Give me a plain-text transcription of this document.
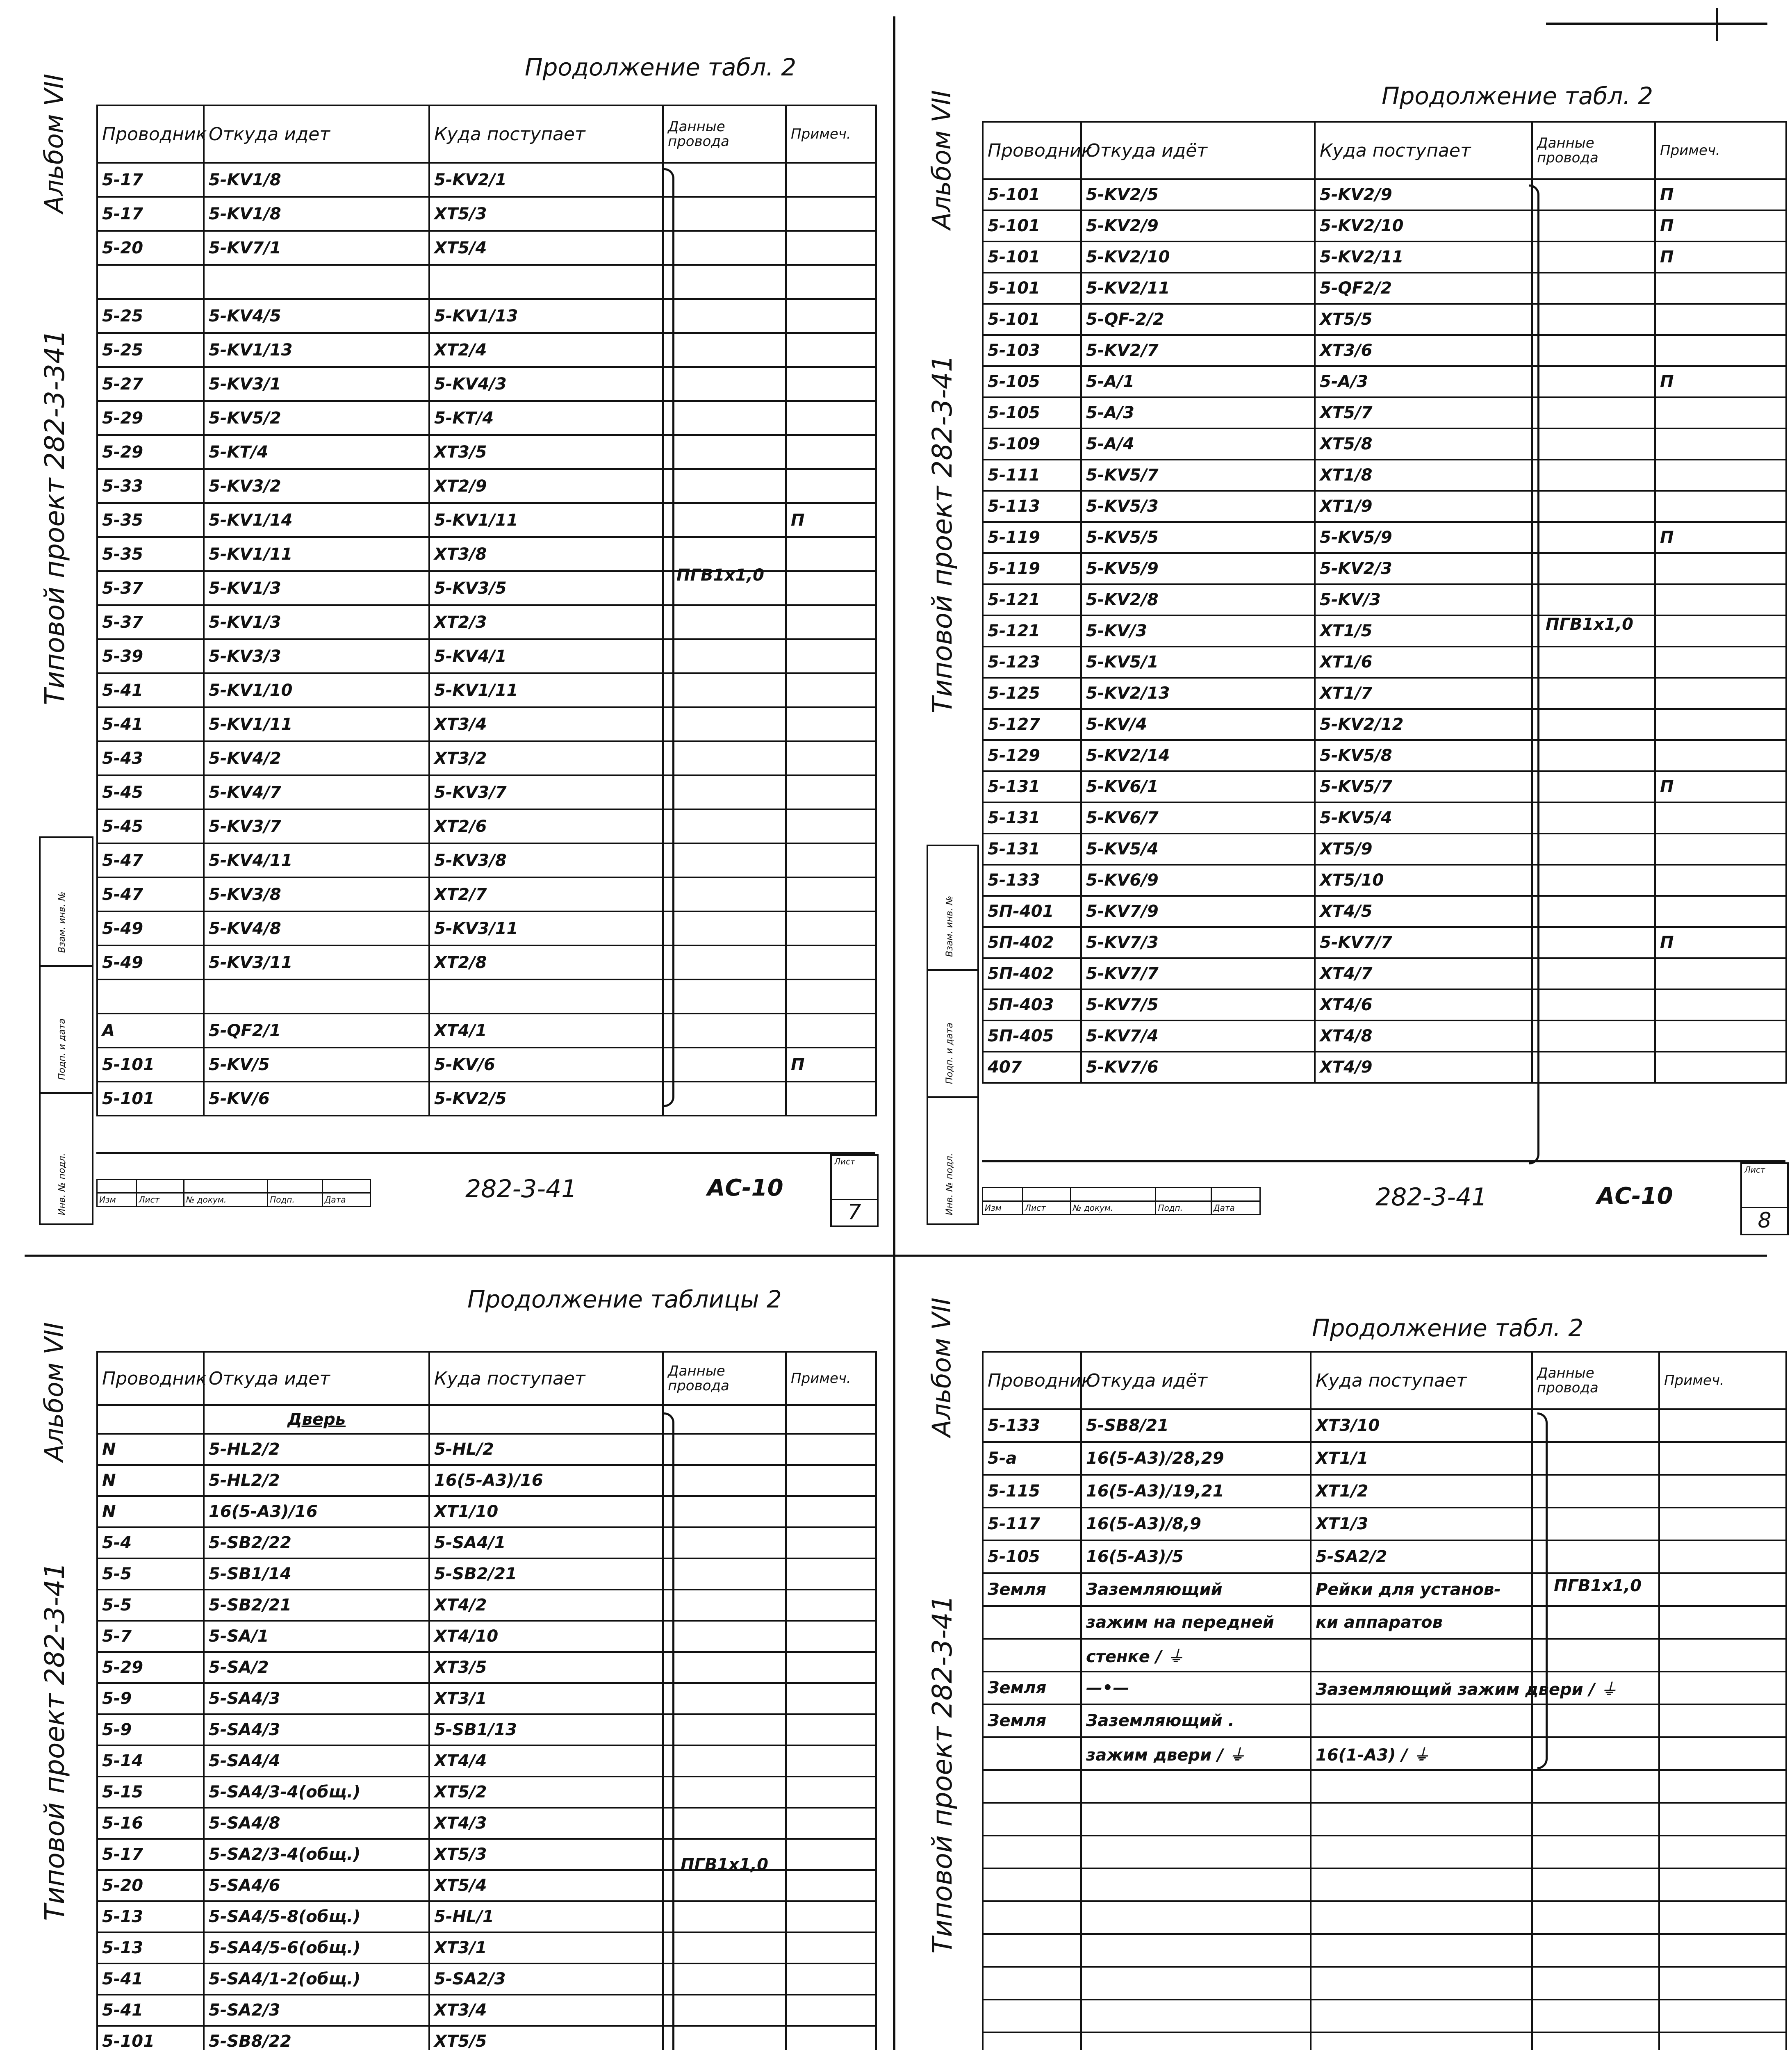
Продолжение табл. 2
Альбом VII
Типовой проект 282-3-341
Проводник	Откуда идет	Куда поступает	Данные провода	Примеч.
5-17	5-KV1/8	5-KV2/1		
5-17	5-KV1/8	XT5/3		
5-20	5-KV7/1	XT5/4		

5-25	5-KV4/5	5-KV1/13		
5-25	5-KV1/13	XT2/4		
5-27	5-KV3/1	5-KV4/3		
5-29	5-KV5/2	5-KT/4		
5-29	5-KT/4	XT3/5		
5-33	5-KV3/2	XT2/9		
5-35	5-KV1/14	5-KV1/11		П
5-35	5-KV1/11	XT3/8		
5-37	5-KV1/3	5-KV3/5		
5-37	5-KV1/3	XT2/3		
5-39	5-KV3/3	5-KV4/1		
5-41	5-KV1/10	5-KV1/11		
5-41	5-KV1/11	XT3/4		
5-43	5-KV4/2	XT3/2		
5-45	5-KV4/7	5-KV3/7		
5-45	5-KV3/7	XT2/6		
5-47	5-KV4/11	5-KV3/8		
5-47	5-KV3/8	XT2/7		
5-49	5-KV4/8	5-KV3/11		
5-49	5-KV3/11	XT2/8		

A	5-QF2/1	XT4/1		
5-101	5-KV/5	5-KV/6		П
5-101	5-KV/6	5-KV2/5		
ПГВ1х1,0
Взам. инв. №
Подп. и дата
Инв. № подл.
					Изм	Лист	№ докум.	Подп.	Дата	282-3-41	АС-10
Лист
7
Продолжение табл. 2
Альбом VII
Типовой проект 282-3-41
Проводник	Откуда идёт	Куда поступает	Данные провода	Примеч.
5-101	5-KV2/5	5-KV2/9		П
5-101	5-KV2/9	5-KV2/10		П
5-101	5-KV2/10	5-KV2/11		П
5-101	5-KV2/11	5-QF2/2		
5-101	5-QF-2/2	XT5/5		
5-103	5-KV2/7	XT3/6		
5-105	5-A/1	5-A/3		П
5-105	5-A/3	XT5/7		
5-109	5-A/4	XT5/8		
5-111	5-KV5/7	XT1/8		
5-113	5-KV5/3	XT1/9		
5-119	5-KV5/5	5-KV5/9		П
5-119	5-KV5/9	5-KV2/3		
5-121	5-KV2/8	5-KV/3		
5-121	5-KV/3	XT1/5		
5-123	5-KV5/1	XT1/6		
5-125	5-KV2/13	XT1/7		
5-127	5-KV/4	5-KV2/12		
5-129	5-KV2/14	5-KV5/8		
5-131	5-KV6/1	5-KV5/7		П
5-131	5-KV6/7	5-KV5/4		
5-131	5-KV5/4	XT5/9		
5-133	5-KV6/9	XT5/10		
5П-401	5-KV7/9	XT4/5		
5П-402	5-KV7/3	5-KV7/7		П
5П-402	5-KV7/7	XT4/7		
5П-403	5-KV7/5	XT4/6		
5П-405	5-KV7/4	XT4/8		
407	5-KV7/6	XT4/9		
ПГВ1х1,0
Взам. инв. №
Подп. и дата
Инв. № подл.
					Изм	Лист	№ докум.	Подп.	Дата	282-3-41	АС-10
Лист
8
Продолжение таблицы 2
Альбом VII
Типовой проект 282-3-41
Проводник	Откуда идет	Куда поступает	Данные провода	Примеч.
	Дверь			
N	5-HL2/2	5-HL/2		
N	5-HL2/2	16(5-A3)/16		
N	16(5-A3)/16	XT1/10		
5-4	5-SB2/22	5-SA4/1		
5-5	5-SB1/14	5-SB2/21		
5-5	5-SB2/21	XT4/2		
5-7	5-SA/1	XT4/10		
5-29	5-SA/2	XT3/5		
5-9	5-SA4/3	XT3/1		
5-9	5-SA4/3	5-SB1/13		
5-14	5-SA4/4	XT4/4		
5-15	5-SA4/3-4(общ.)	XT5/2		
5-16	5-SA4/8	XT4/3		
5-17	5-SA2/3-4(общ.)	XT5/3		
5-20	5-SA4/6	XT5/4		
5-13	5-SA4/5-8(общ.)	5-HL/1		
5-13	5-SA4/5-6(общ.)	XT3/1		
5-41	5-SA4/1-2(общ.)	5-SA2/3		
5-41	5-SA2/3	XT3/4		
5-101	5-SB8/22	XT5/5		

ПГВ1х1,0

Продолжение табл. 2
Альбом VII
Типовой проект 282-3-41
Проводник	Откуда идёт	Куда поступает	Данные провода	Примеч.
5-133	5-SB8/21	XT3/10		
5-a	16(5-A3)/28,29	XT1/1		
5-115	16(5-A3)/19,21	XT1/2		
5-117	16(5-A3)/8,9	XT1/3		
5-105	16(5-A3)/5	5-SA2/2		
Земля	Заземляющий	Рейки для установ-		
	зажим на передней	ки аппаратов		
	стенке / ⏚			
Земля	—•—	Заземляющий зажим двери / ⏚		
Земля	Заземляющий .			
	зажим двери / ⏚	16(1-A3) / ⏚		

ПГВ1х1,0
